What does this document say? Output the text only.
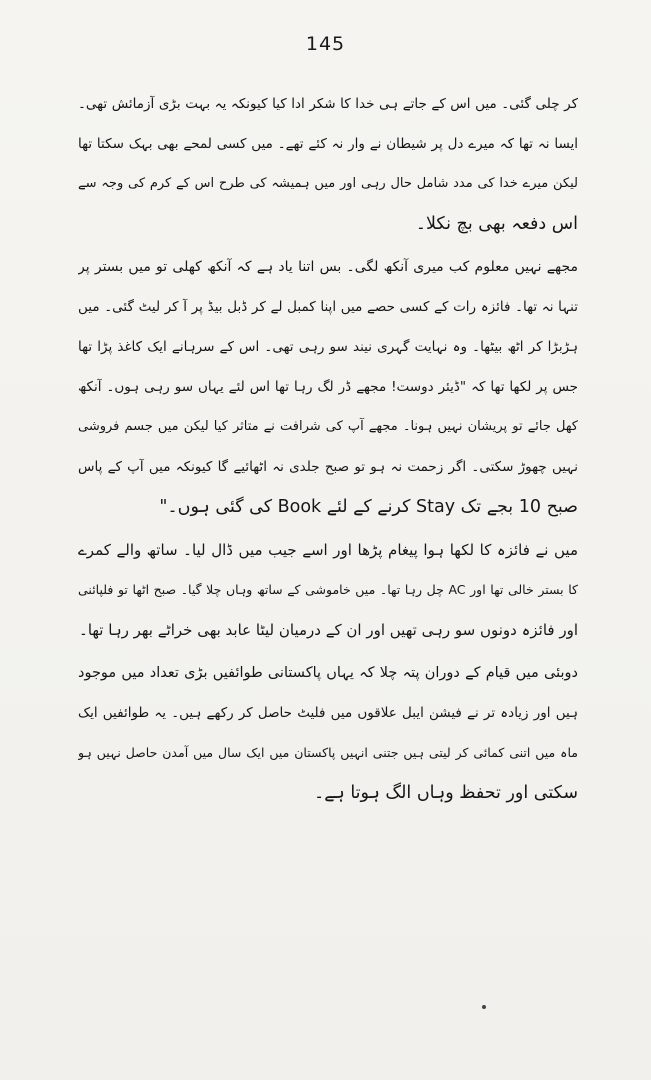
145
کر چلی گئی۔ میں اس کے جاتے ہی خدا کا شکر ادا کیا کیونکہ یہ بہت بڑی آزمائش تھی۔
ایسا نہ تھا کہ میرے دل پر شیطان نے وار نہ کئے تھے۔ میں کسی لمحے بھی بہک سکتا تھا
لیکن میرے خدا کی مدد شامل حال رہی اور میں ہمیشہ کی طرح اس کے کرم کی وجہ سے
اس دفعہ بھی بچ نکلا۔
مجھے نہیں معلوم کب میری آنکھ لگی۔ بس اتنا یاد ہے کہ آنکھ کھلی تو میں بستر پر
تنہا نہ تھا۔ فائزہ رات کے کسی حصے میں اپنا کمبل لے کر ڈبل بیڈ پر آ کر لیٹ گئی۔ میں
ہڑبڑا کر اٹھ بیٹھا۔ وہ نہایت گہری نیند سو رہی تھی۔ اس کے سرہانے ایک کاغذ پڑا تھا
جس پر لکھا تھا کہ "ڈیئر دوست! مجھے ڈر لگ رہا تھا اس لئے یہاں سو رہی ہوں۔ آنکھ
کھل جائے تو پریشان نہیں ہونا۔ مجھے آپ کی شرافت نے متاثر کیا لیکن میں جسم فروشی
نہیں چھوڑ سکتی۔ اگر زحمت نہ ہو تو صبح جلدی نہ اٹھائیے گا کیونکہ میں آپ کے پاس
صبح 10 بجے تک Stay کرنے کے لئے Book کی گئی ہوں۔"
میں نے فائزہ کا لکھا ہوا پیغام پڑھا اور اسے جیب میں ڈال لیا۔ ساتھ والے کمرے
کا بستر خالی تھا اور AC چل رہا تھا۔ میں خاموشی کے ساتھ وہاں چلا گیا۔ صبح اٹھا تو فلپائنی
اور فائزہ دونوں سو رہی تھیں اور ان کے درمیان لیٹا عابد بھی خراٹے بھر رہا تھا۔
دوبئی میں قیام کے دوران پتہ چلا کہ یہاں پاکستانی طوائفیں بڑی تعداد میں موجود
ہیں اور زیادہ تر نے فیشن ایبل علاقوں میں فلیٹ حاصل کر رکھے ہیں۔ یہ طوائفیں ایک
ماہ میں اتنی کمائی کر لیتی ہیں جتنی انہیں پاکستان میں ایک سال میں آمدن حاصل نہیں ہو
سکتی اور تحفظ وہاں الگ ہوتا ہے۔
